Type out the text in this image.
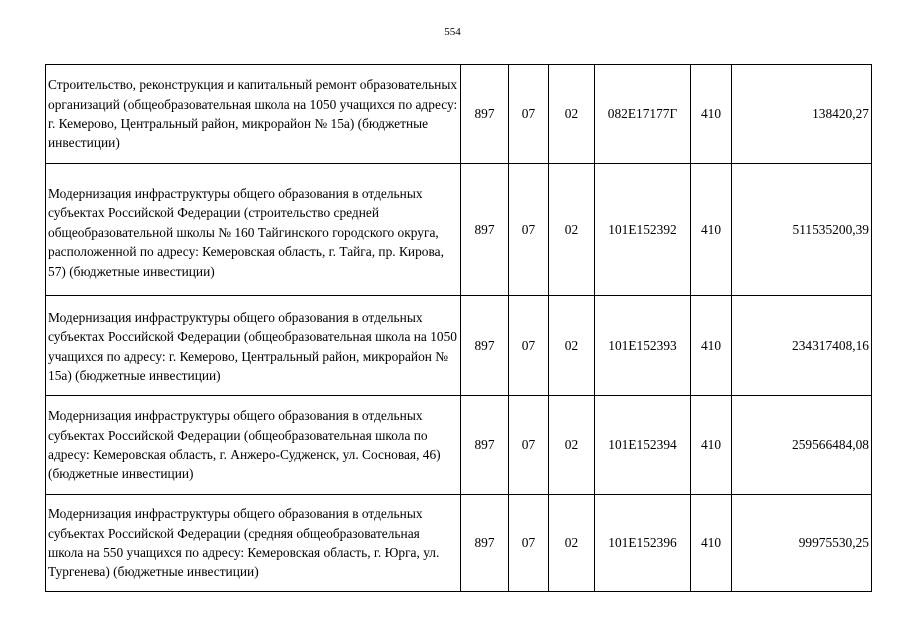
554
Строительство, реконструкция и капитальный ремонт образовательных организаций (общеобразовательная школа на 1050 учащихся по адресу: г. Кемерово, Центральный район, микрорайон № 15а) (бюджетные инвестиции)	897	07	02	082E17177Г	410	138420,27
Модернизация инфраструктуры общего образования в отдельных субъектах Российской Федерации (строительство средней общеобразовательной школы № 160 Тайгинского городского округа, расположенной по адресу: Кемеровская область, г. Тайга, пр. Кирова, 57) (бюджетные инвестиции)	897	07	02	101E152392	410	511535200,39
Модернизация инфраструктуры общего образования в отдельных субъектах Российской Федерации (общеобразовательная школа на 1050 учащихся по адресу: г. Кемерово, Центральный район, микрорайон № 15а) (бюджетные инвестиции)	897	07	02	101E152393	410	234317408,16
Модернизация инфраструктуры общего образования в отдельных субъектах Российской Федерации (общеобразовательная школа по адресу: Кемеровская область, г. Анжеро-Судженск, ул. Сосновая, 46) (бюджетные инвестиции)	897	07	02	101E152394	410	259566484,08
Модернизация инфраструктуры общего образования в отдельных субъектах Российской Федерации (средняя общеобразовательная школа на 550 учащихся по адресу: Кемеровская область, г. Юрга, ул. Тургенева) (бюджетные инвестиции)	897	07	02	101E152396	410	99975530,25
